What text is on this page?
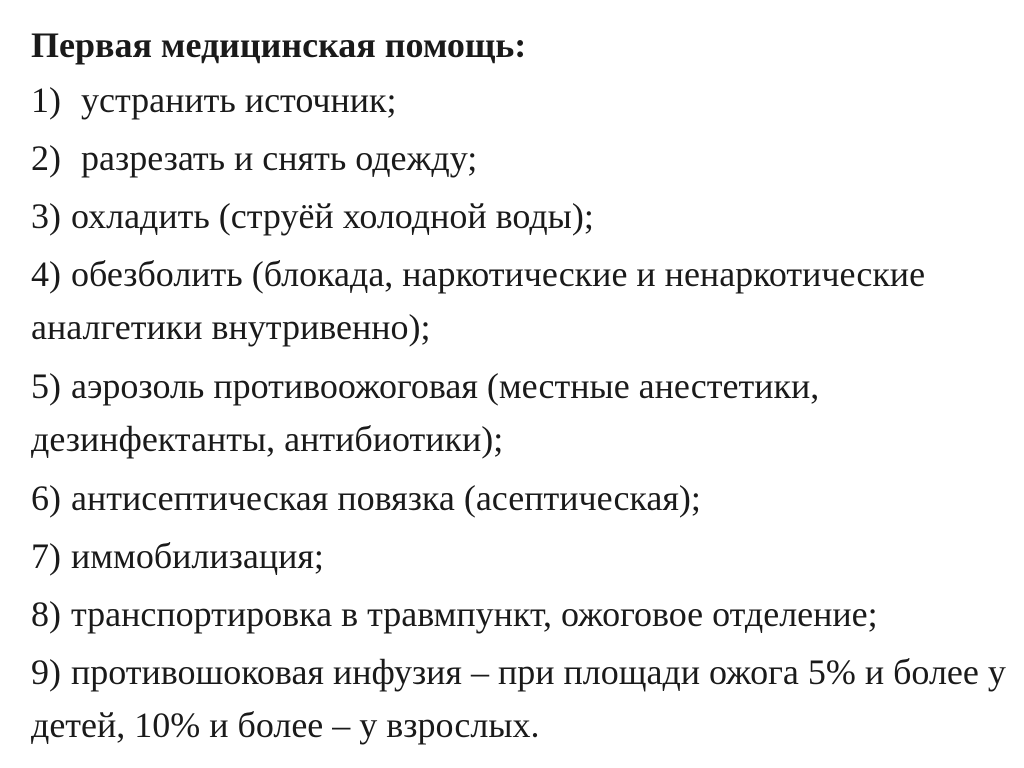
Первая медицинская помощь:
1) устранить источник;
2) разрезать и снять одежду;
3) охладить (струёй холодной воды);
4) обезболить (блокада, наркотические и ненаркотические аналгетики внутривенно);
5) аэрозоль противоожоговая (местные анестетики, дезинфектанты, антибиотики);
6) антисептическая повязка (асептическая);
7) иммобилизация;
8) транспортировка в травмпункт, ожоговое отделение;
9) противошоковая инфузия – при площади ожога 5% и более у детей, 10% и более – у взрослых.
